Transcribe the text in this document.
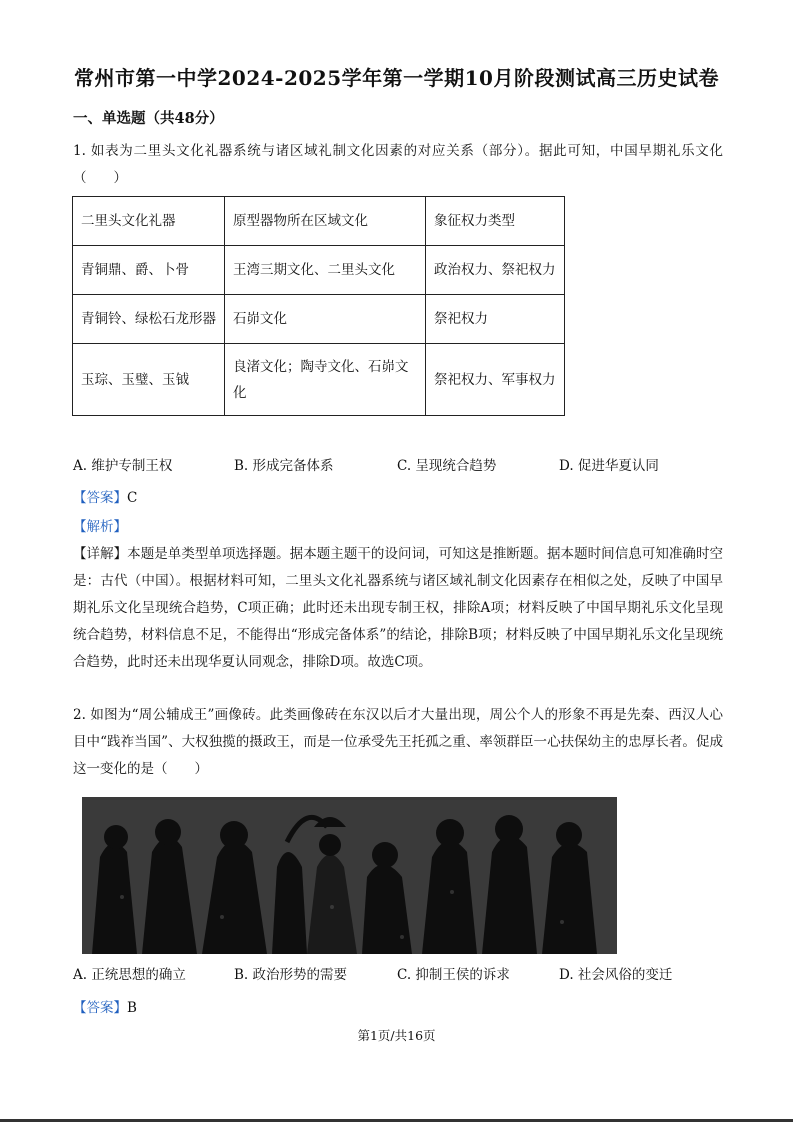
常州市第一中学2024-2025学年第一学期10月阶段测试高三历史试卷
一、单选题（共48分）
1. 如表为二里头文化礼器系统与诸区域礼制文化因素的对应关系（部分）。据此可知，中国早期礼乐文化（　　）
二里头文化礼器	原型器物所在区域文化	象征权力类型
青铜鼎、爵、卜骨	王湾三期文化、二里头文化	政治权力、祭祀权力
青铜铃、绿松石龙形器	石峁文化	祭祀权力
玉琮、玉璧、玉钺	良渚文化；陶寺文化、石峁文化	祭祀权力、军事权力
A. 维护专制王权	B. 形成完备体系	C. 呈现统合趋势	D. 促进华夏认同
【答案】C
【解析】
【详解】本题是单类型单项选择题。据本题主题干的设问词，可知这是推断题。据本题时间信息可知准确时空是：古代（中国）。根据材料可知，二里头文化礼器系统与诸区域礼制文化因素存在相似之处，反映了中国早期礼乐文化呈现统合趋势，C项正确；此时还未出现专制王权，排除A项；材料反映了中国早期礼乐文化呈现统合趋势，材料信息不足，不能得出“形成完备体系”的结论，排除B项；材料反映了中国早期礼乐文化呈现统合趋势，此时还未出现华夏认同观念，排除D项。故选C项。
2. 如图为“周公辅成王”画像砖。此类画像砖在东汉以后才大量出现，周公个人的形象不再是先秦、西汉人心目中“践祚当国”、大权独揽的摄政王，而是一位承受先王托孤之重、率领群臣一心扶保幼主的忠厚长者。促成这一变化的是（　　）
A. 正统思想的确立	B. 政治形势的需要	C. 抑制王侯的诉求	D. 社会风俗的变迁
【答案】B
第1页/共16页
